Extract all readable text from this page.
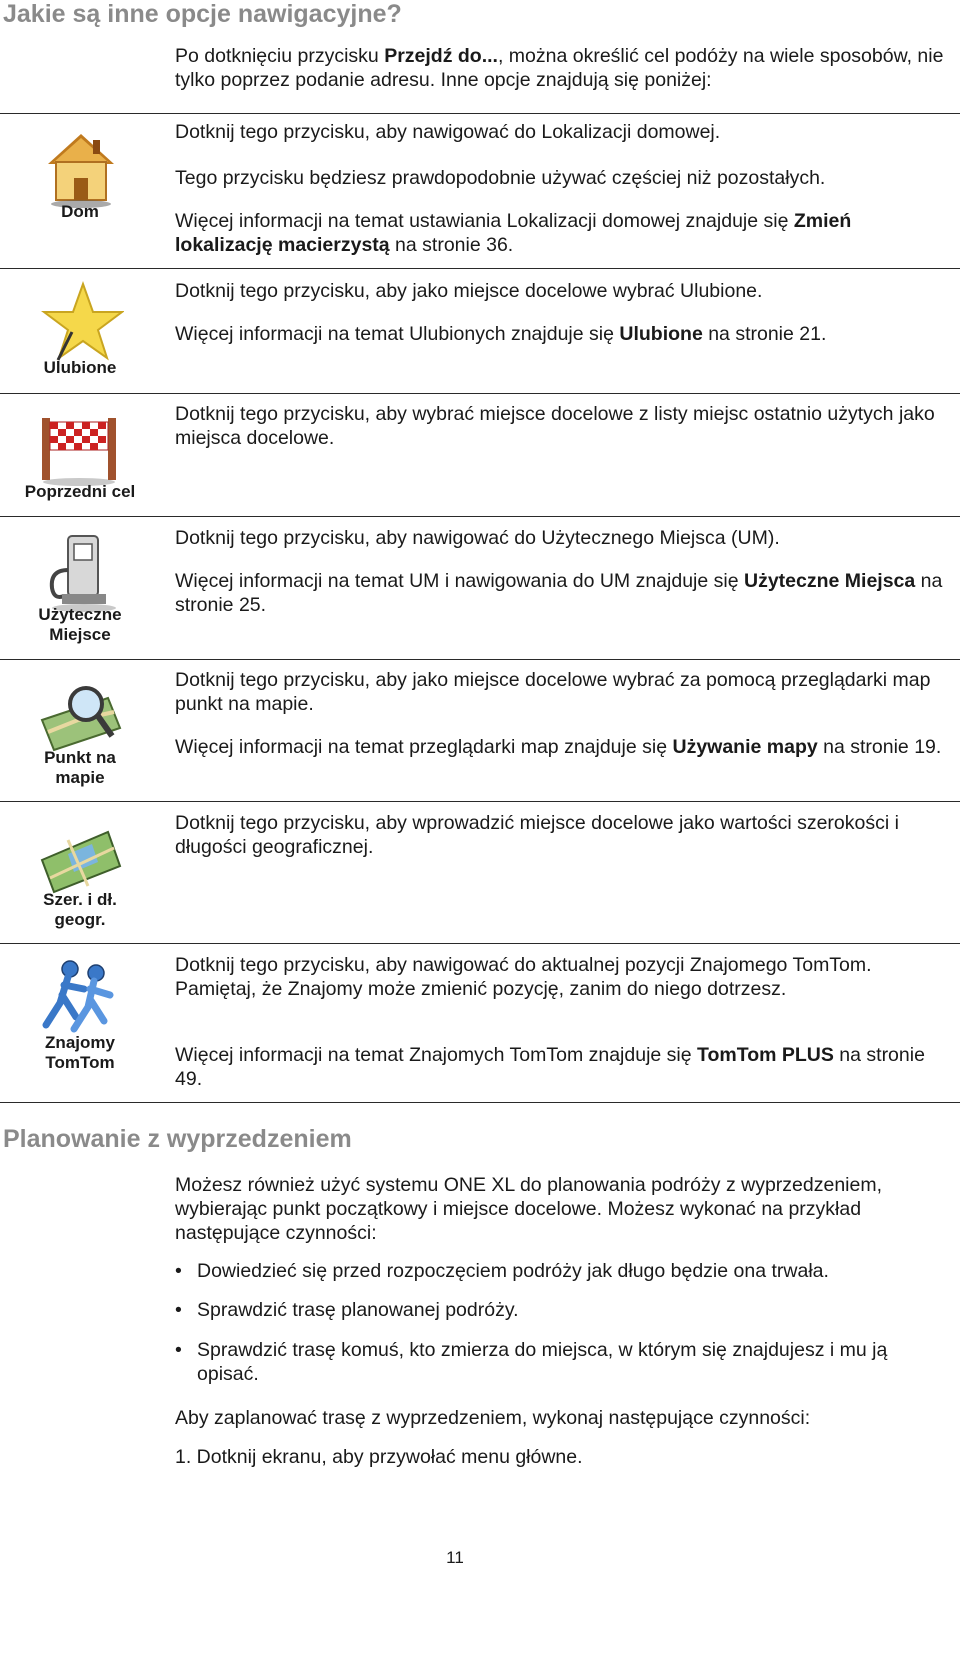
Jakie są inne opcje nawigacyjne?
Po dotknięciu przycisku Przejdź do..., można określić cel podóży na wiele sposobów, nie tylko poprzez podanie adresu. Inne opcje znajdują się poniżej:
Dom
Dotknij tego przycisku, aby nawigować do Lokalizacji domowej.
Tego przycisku będziesz prawdopodobnie używać częściej niż pozostałych.
Więcej informacji na temat ustawiania Lokalizacji domowej znajduje się Zmień lokalizację macierzystą na stronie 36.
Ulubione
Dotknij tego przycisku, aby jako miejsce docelowe wybrać Ulubione.
Więcej informacji na temat Ulubionych znajduje się Ulubione na stronie 21.
Poprzedni cel
Dotknij tego przycisku, aby wybrać miejsce docelowe z listy miejsc ostatnio użytych jako miejsca docelowe.
Użyteczne
Miejsce
Dotknij tego przycisku, aby nawigować do Użytecznego Miejsca (UM).
Więcej informacji na temat UM i nawigowania do UM znajduje się Użyteczne Miejsca na stronie 25.
Punkt na
mapie
Dotknij tego przycisku, aby jako miejsce docelowe wybrać za pomocą przeglądarki map punkt na mapie.
Więcej informacji na temat przeglądarki map znajduje się Używanie mapy na stronie 19.
Szer. i dł.
geogr.
Dotknij tego przycisku, aby wprowadzić miejsce docelowe jako wartości szerokości i długości geograficznej.
Znajomy
TomTom
Dotknij tego przycisku, aby nawigować do aktualnej pozycji Znajomego TomTom. Pamiętaj, że Znajomy może zmienić pozycję, zanim do niego dotrzesz.
Więcej informacji na temat Znajomych TomTom znajduje się TomTom PLUS na stronie 49.
Planowanie z wyprzedzeniem
Możesz również użyć systemu ONE XL do planowania podróży z wyprzedzeniem, wybierając punkt początkowy i miejsce docelowe. Możesz wykonać na przykład następujące czynności:
• Dowiedzieć się przed rozpoczęciem podróży jak długo będzie ona trwała.
• Sprawdzić trasę planowanej podróży.
• Sprawdzić trasę komuś, kto zmierza do miejsca, w którym się znajdujesz i mu ją opisać.
Aby zaplanować trasę z wyprzedzeniem, wykonaj następujące czynności:
1. Dotknij ekranu, aby przywołać menu główne.
11
